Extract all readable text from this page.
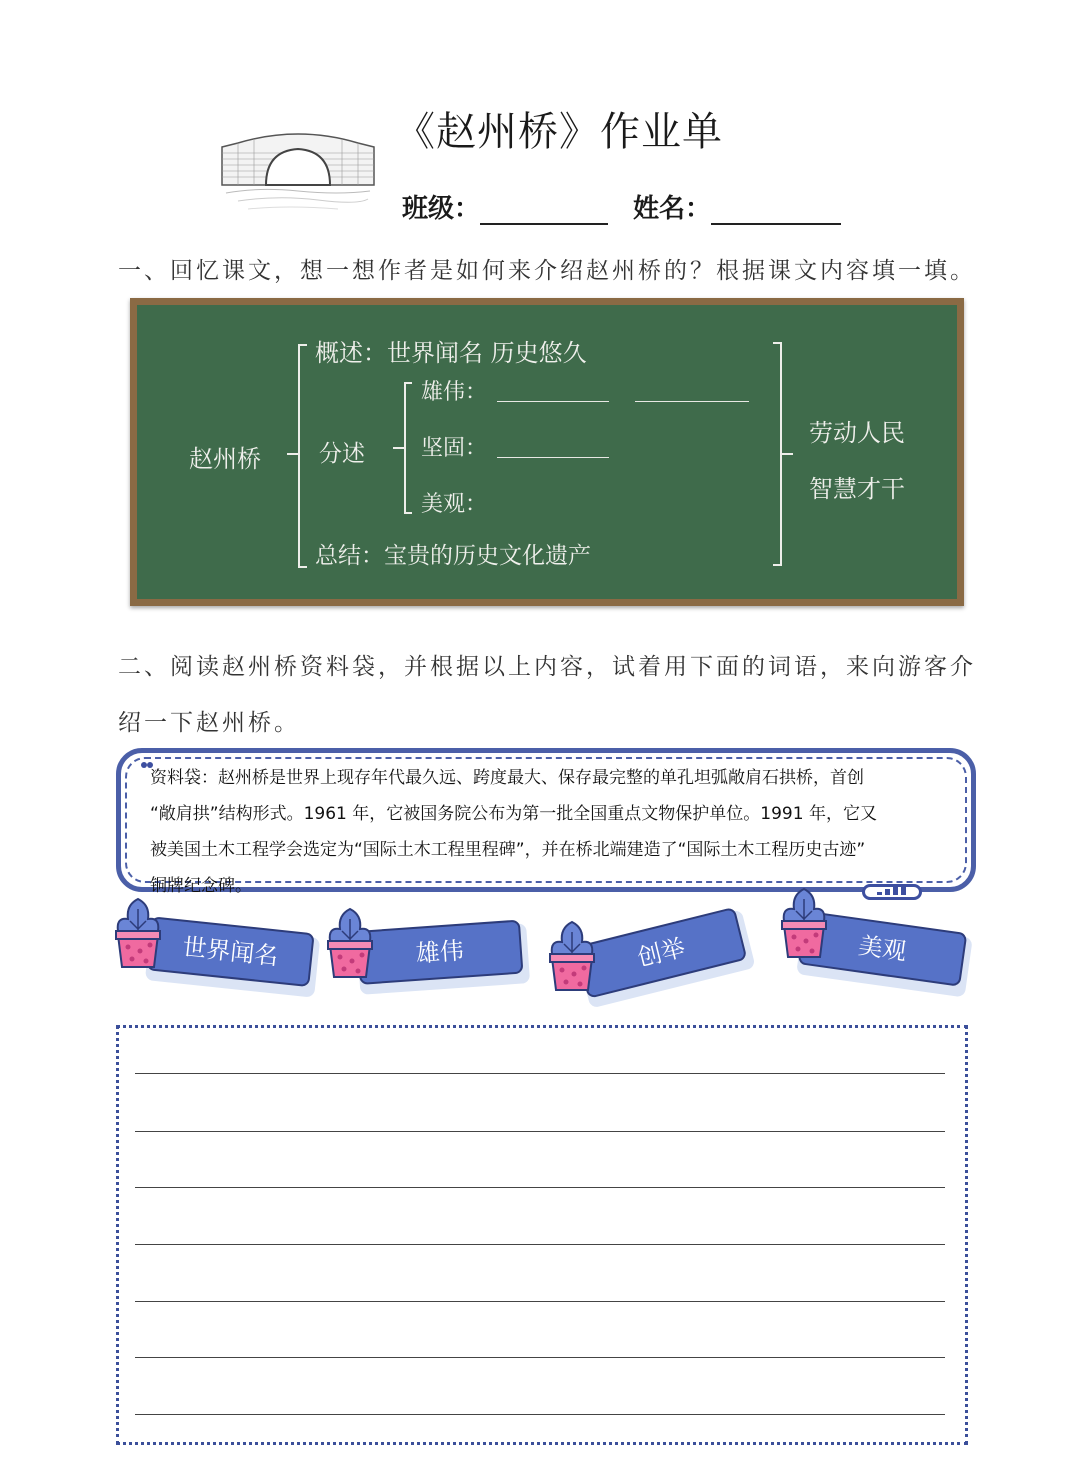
《赵州桥》作业单
班级：	姓名：
一、回忆课文，想一想作者是如何来介绍赵州桥的？根据课文内容填一填。
赵州桥
概述：世界闻名 历史悠久
分述
雄伟：
坚固：
美观：
总结：宝贵的历史文化遗产
劳动人民
智慧才干
二、阅读赵州桥资料袋，并根据以上内容，试着用下面的词语，来向游客介
绍一下赵州桥。
资料袋：赵州桥是世界上现存年代最久远、跨度最大、保存最完整的单孔坦弧敞肩石拱桥，首创
“敞肩拱”结构形式。1961 年，它被国务院公布为第一批全国重点文物保护单位。1991 年，它又
被美国土木工程学会选定为“国际土木工程里程碑”，并在桥北端建造了“国际土木工程历史古迹”
铜牌纪念碑。
世界闻名	雄伟	创举	美观
